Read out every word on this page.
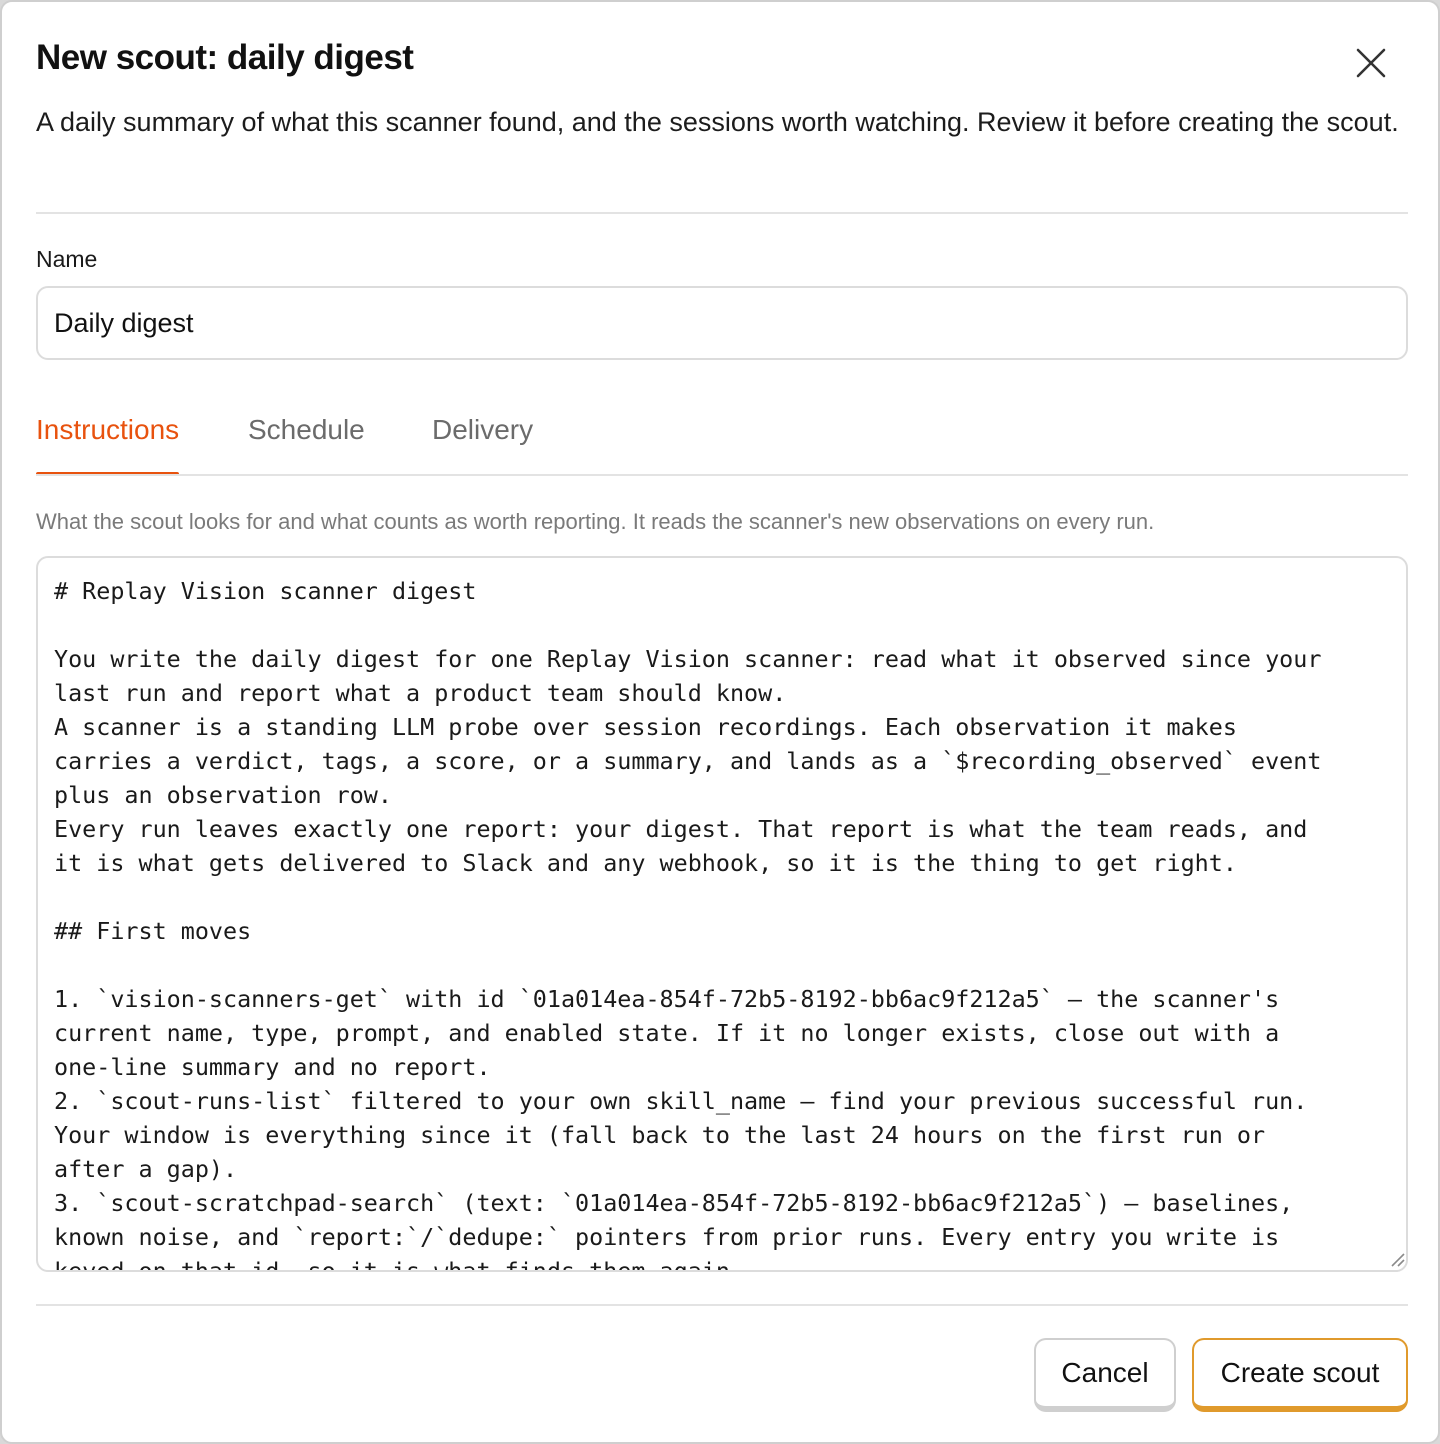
New scout: daily digest
A daily summary of what this scanner found, and the sessions worth watching. Review it before creating the scout.
Name
Daily digest
Instructions Schedule Delivery
What the scout looks for and what counts as worth reporting. It reads the scanner's new observations on every run.
# Replay Vision scanner digest You write the daily digest for one Replay Vision scanner: read what it observed since your last run and report what a product team should know. A scanner is a standing LLM probe over session recordings. Each observation it makes carries a verdict, tags, a score, or a summary, and lands as a `$recording_observed` event plus an observation row. Every run leaves exactly one report: your digest. That report is what the team reads, and it is what gets delivered to Slack and any webhook, so it is the thing to get right. ## First moves 1. `vision-scanners-get` with id `01a014ea-854f-72b5-8192-bb6ac9f212a5` — the scanner's current name, type, prompt, and enabled state. If it no longer exists, close out with a one-line summary and no report. 2. `scout-runs-list` filtered to your own skill_name — find your previous successful run. Your window is everything since it (fall back to the last 24 hours on the first run or after a gap). 3. `scout-scratchpad-search` (text: `01a014ea-854f-72b5-8192-bb6ac9f212a5`) — baselines, known noise, and `report:`/`dedupe:` pointers from prior runs. Every entry you write is keyed on that id, so it is what finds them again.
Cancel	Create scout
